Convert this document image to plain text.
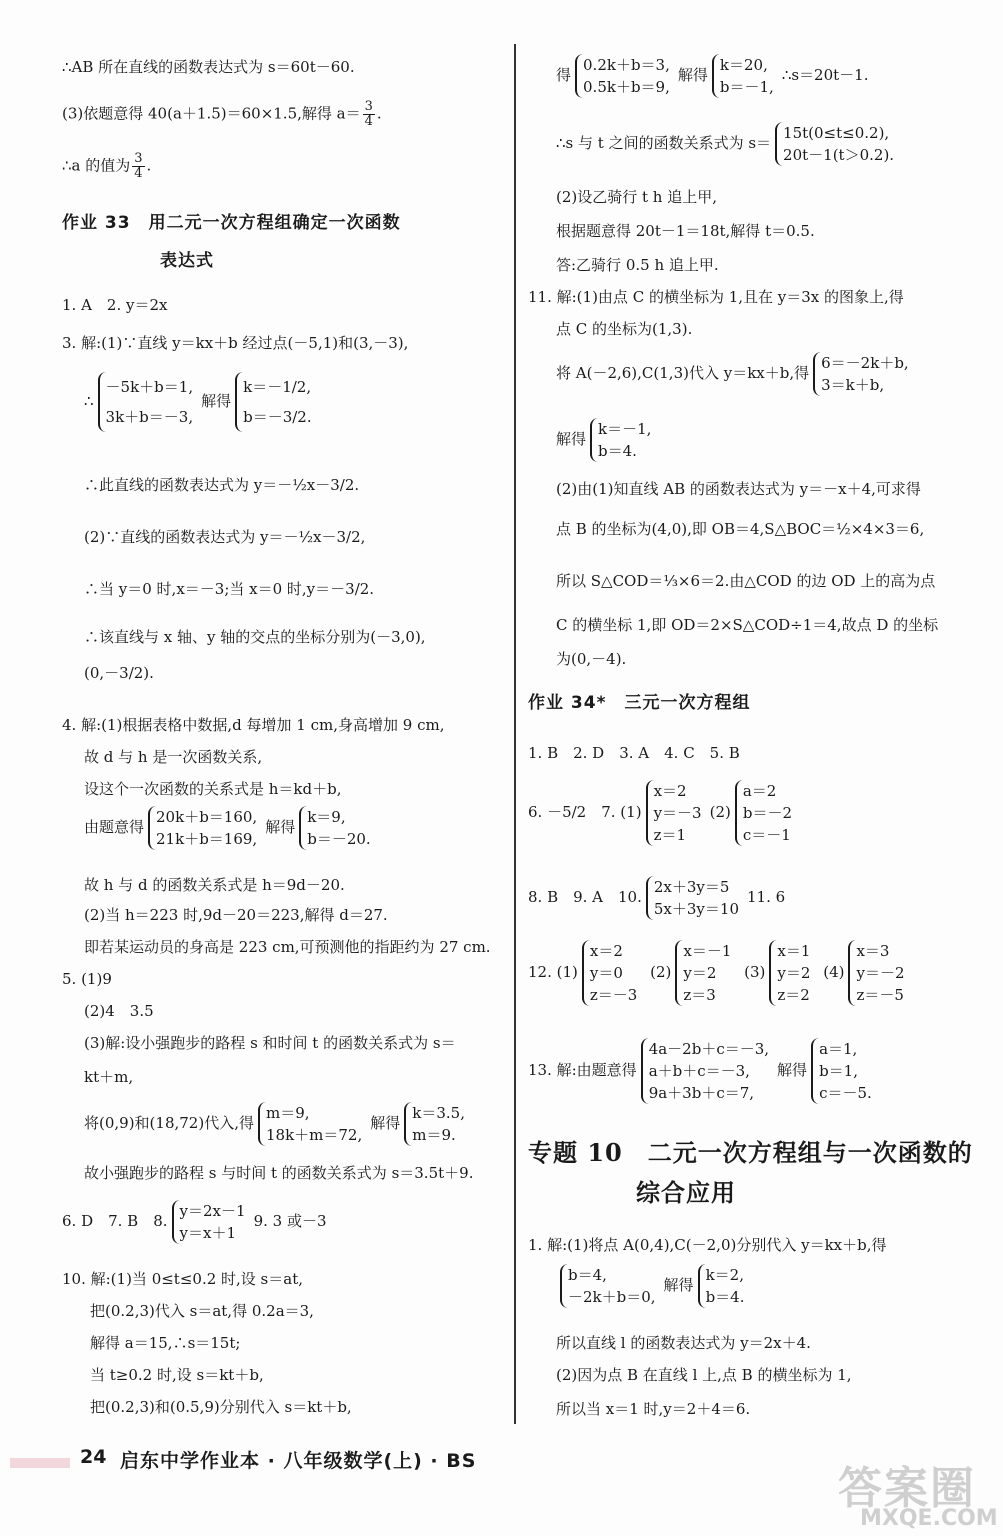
∴AB 所在直线的函数表达式为 s＝60t－60.
(3)依题意得 40(a＋1.5)＝60×1.5,解得 $a= \frac{3}{4}$ .
∴a 的值为 $\frac{3}{4}$ .
作业 33　用二元一次方程组确定一次函数
表达式
1. A　2. y＝2x
3. 解:(1)∵直线 y＝kx＋b 经过点(－5,1)和(3,－3),
∴
－5k＋b＝1,
3k＋b＝－3,
解得
k＝－1/2,
b＝－3/2.
∴此直线的函数表达式为 y＝－½x－3/2.
(2)∵直线的函数表达式为 y＝－½x－3/2,
∴当 y＝0 时,x＝－3;当 x＝0 时,y＝－3/2.
∴该直线与 x 轴、y 轴的交点的坐标分别为(－3,0),
(0,－3/2).
4. 解:(1)根据表格中数据,d 每增加 1 cm,身高增加 9 cm,
故 d 与 h 是一次函数关系,
设这个一次函数的关系式是 h＝kd＋b,
由题意得
20k＋b＝160,
21k＋b＝169,
解得
k＝9,
b＝－20.
故 h 与 d 的函数关系式是 h＝9d－20.
(2)当 h＝223 时,9d－20＝223,解得 d＝27.
即若某运动员的身高是 223 cm,可预测他的指距约为 27 cm.
5. (1)9
(2)4　3.5
(3)解:设小强跑步的路程 s 和时间 t 的函数关系式为 s＝
kt＋m,
将(0,9)和(18,72)代入,得
m＝9,
18k＋m＝72,
解得
k＝3.5,
m＝9.
故小强跑步的路程 s 与时间 t 的函数关系式为 s＝3.5t＋9.
6. D　7. B　8.
y＝2x－1
y＝x＋1
9. 3 或－3
10. 解:(1)当 0≤t≤0.2 时,设 s＝at,
把(0.2,3)代入 s＝at,得 0.2a＝3,
解得 a＝15,∴s＝15t;
当 t≥0.2 时,设 s＝kt＋b,
把(0.2,3)和(0.5,9)分别代入 s＝kt＋b,
得
0.2k＋b＝3,
0.5k＋b＝9,
解得
k＝20,
b＝－1,
∴s＝20t－1.
∴s 与 t 之间的函数关系式为 s＝
15t(0≤t≤0.2),
20t－1(t＞0.2).
(2)设乙骑行 t h 追上甲,
根据题意得 20t－1＝18t,解得 t＝0.5.
答:乙骑行 0.5 h 追上甲.
11. 解:(1)由点 C 的横坐标为 1,且在 y＝3x 的图象上,得
点 C 的坐标为(1,3).
将 A(－2,6),C(1,3)代入 y＝kx＋b,得
6＝－2k＋b,
3＝k＋b,
解得
k＝－1,
b＝4.
(2)由(1)知直线 AB 的函数表达式为 y＝－x＋4,可求得
点 B 的坐标为(4,0),即 OB＝4,S△BOC＝½×4×3＝6,
所以 S△COD＝⅓×6＝2.由△COD 的边 OD 上的高为点
C 的横坐标 1,即 OD＝2×S△COD÷1＝4,故点 D 的坐标
为(0,－4).
作业 34*　三元一次方程组
1. B　2. D　3. A　4. C　5. B
6. －5/2　7. (1)
x＝2
y＝－3
z＝1
(2)
a＝2
b＝－2
c＝－1
8. B　9. A　10.
2x＋3y＝5
5x＋3y＝10
11. 6
12. (1)
x＝2
y＝0
z＝－3
(2)
x＝－1
y＝2
z＝3
(3)
x＝1
y＝2
z＝2
(4)
x＝3
y＝－2
z＝－5
13. 解:由题意得
4a－2b＋c＝－3,
a＋b＋c＝－3,
9a＋3b＋c＝7,
解得
a＝1,
b＝1,
c＝－5.
专题 10　二元一次方程组与一次函数的
综合应用
1. 解:(1)将点 A(0,4),C(－2,0)分别代入 y＝kx＋b,得
b＝4,
－2k＋b＝0,
解得
k＝2,
b＝4.
所以直线 l 的函数表达式为 y＝2x＋4.
(2)因为点 B 在直线 l 上,点 B 的横坐标为 1,
所以当 x＝1 时,y＝2＋4＝6.
24 启东中学作业本 · 八年级数学(上) · BS
答案圈
MXQE.COM
